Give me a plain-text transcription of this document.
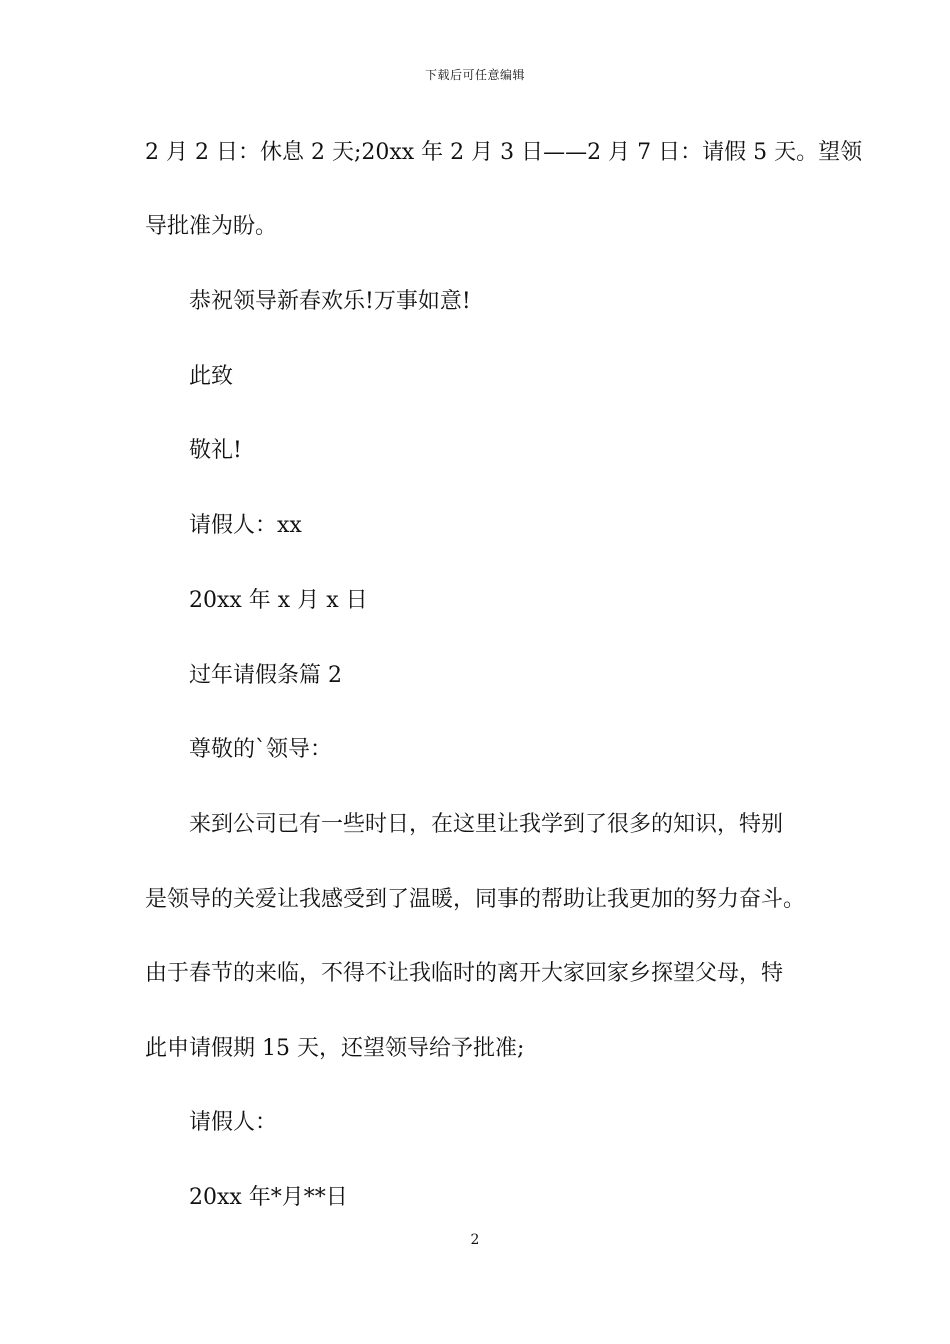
下载后可任意编辑
2 月 2 日：休息 2 天;20xx 年 2 月 3 日——2 月 7 日：请假 5 天。望领
导批准为盼。
恭祝领导新春欢乐!万事如意!
此致
敬礼!
请假人：xx
20xx 年 x 月 x 日
过年请假条篇 2
尊敬的`领导：
来到公司已有一些时日，在这里让我学到了很多的知识，特别
是领导的关爱让我感受到了温暖，同事的帮助让我更加的努力奋斗。
由于春节的来临，不得不让我临时的离开大家回家乡探望父母，特
此申请假期 15 天，还望领导给予批准;
请假人：
20xx 年*月**日
2
